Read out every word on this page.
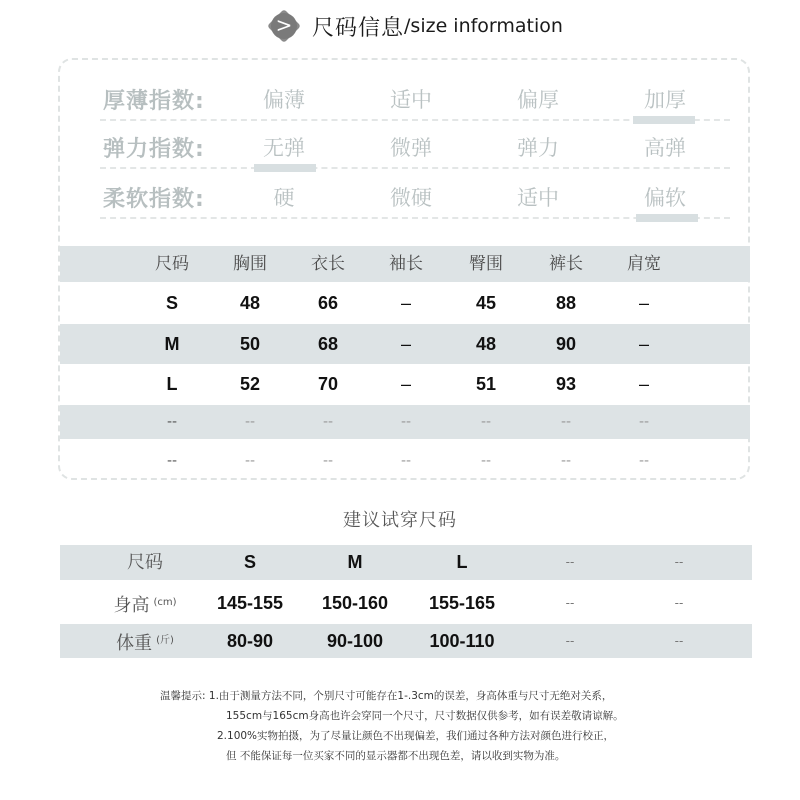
> 尺码信息 /size information
厚薄指数:	偏薄	适中	偏厚	加厚
弹力指数:	无弹	微弹	弹力	高弹
柔软指数:	硬	微硬	适中	偏软
尺码	胸围	衣长	袖长	臀围	裤长	肩宽
S	48	66	–	45	88	–
M	50	68	–	48	90	–
L	52	70	–	51	93	–
--	--	--	--	--	--	--
--	--	--	--	--	--	--
建议试穿尺码
尺码	S	M	L	--	--
身高 $^{(cm)}$	145-155	150-160	155-165	--	--
体重 $^{(斤)}$	80-90	90-100	100-110	--	--
温馨提示: 1.由于测量方法不同，个别尺寸可能存在1-.3cm的误差，身高体重与尺寸无绝对关系，
155cm与165cm身高也许会穿同一个尺寸，尺寸数据仅供参考，如有误差敬请谅解。
2.100%实物拍摄，为了尽量让颜色不出现偏差，我们通过各种方法对颜色进行校正，
但 不能保证每一位买家不同的显示器都不出现色差，请以收到实物为准。
